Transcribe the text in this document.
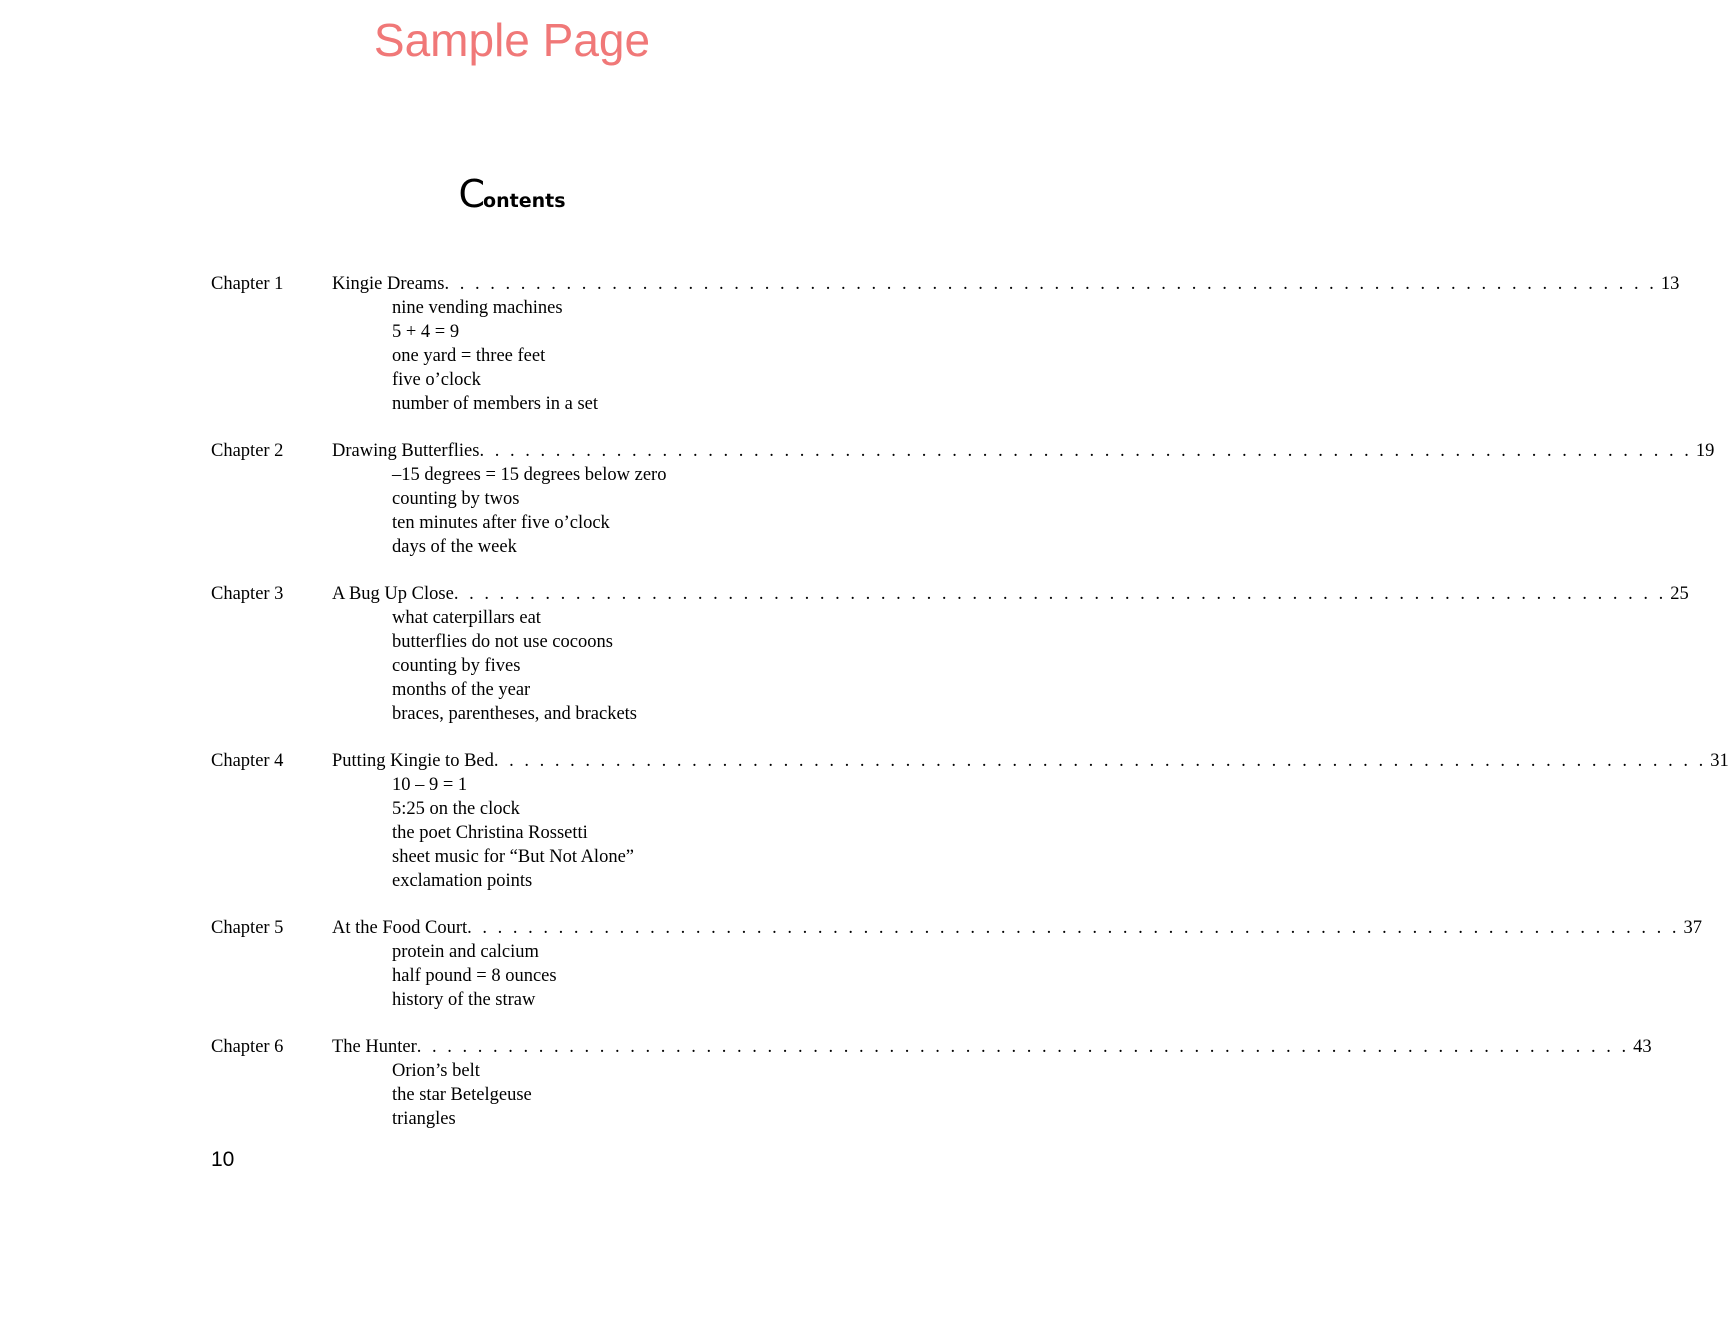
Sample Page
Contents
Chapter 1	Kingie Dreams . . . . . . . . . . . . . . . . . . . . . . . . . . . . . . . . . . . . . . . . . . . . . . . . . . . . . . . . . . . . . . . . . . . . . . . . . . . . . . . . 13
nine vending machines
5 + 4 = 9
one yard = three feet
five o’clock
number of members in a set
Chapter 2	Drawing Butterflies . . . . . . . . . . . . . . . . . . . . . . . . . . . . . . . . . . . . . . . . . . . . . . . . . . . . . . . . . . . . . . . . . . . . . . . . . . . . . . . . 19
–15 degrees = 15 degrees below zero
counting by twos
ten minutes after five o’clock
days of the week
Chapter 3	A Bug Up Close . . . . . . . . . . . . . . . . . . . . . . . . . . . . . . . . . . . . . . . . . . . . . . . . . . . . . . . . . . . . . . . . . . . . . . . . . . . . . . . . 25
what caterpillars eat
butterflies do not use cocoons
counting by fives
months of the year
braces, parentheses, and brackets
Chapter 4	Putting Kingie to Bed . . . . . . . . . . . . . . . . . . . . . . . . . . . . . . . . . . . . . . . . . . . . . . . . . . . . . . . . . . . . . . . . . . . . . . . . . . . . . . . . 31
10 – 9 = 1
5:25 on the clock
the poet Christina Rossetti
sheet music for “But Not Alone”
exclamation points
Chapter 5	At the Food Court . . . . . . . . . . . . . . . . . . . . . . . . . . . . . . . . . . . . . . . . . . . . . . . . . . . . . . . . . . . . . . . . . . . . . . . . . . . . . . . . 37
protein and calcium
half pound = 8 ounces
history of the straw
Chapter 6	The Hunter . . . . . . . . . . . . . . . . . . . . . . . . . . . . . . . . . . . . . . . . . . . . . . . . . . . . . . . . . . . . . . . . . . . . . . . . . . . . . . . . 43
Orion’s belt
the star Betelgeuse
triangles
10
